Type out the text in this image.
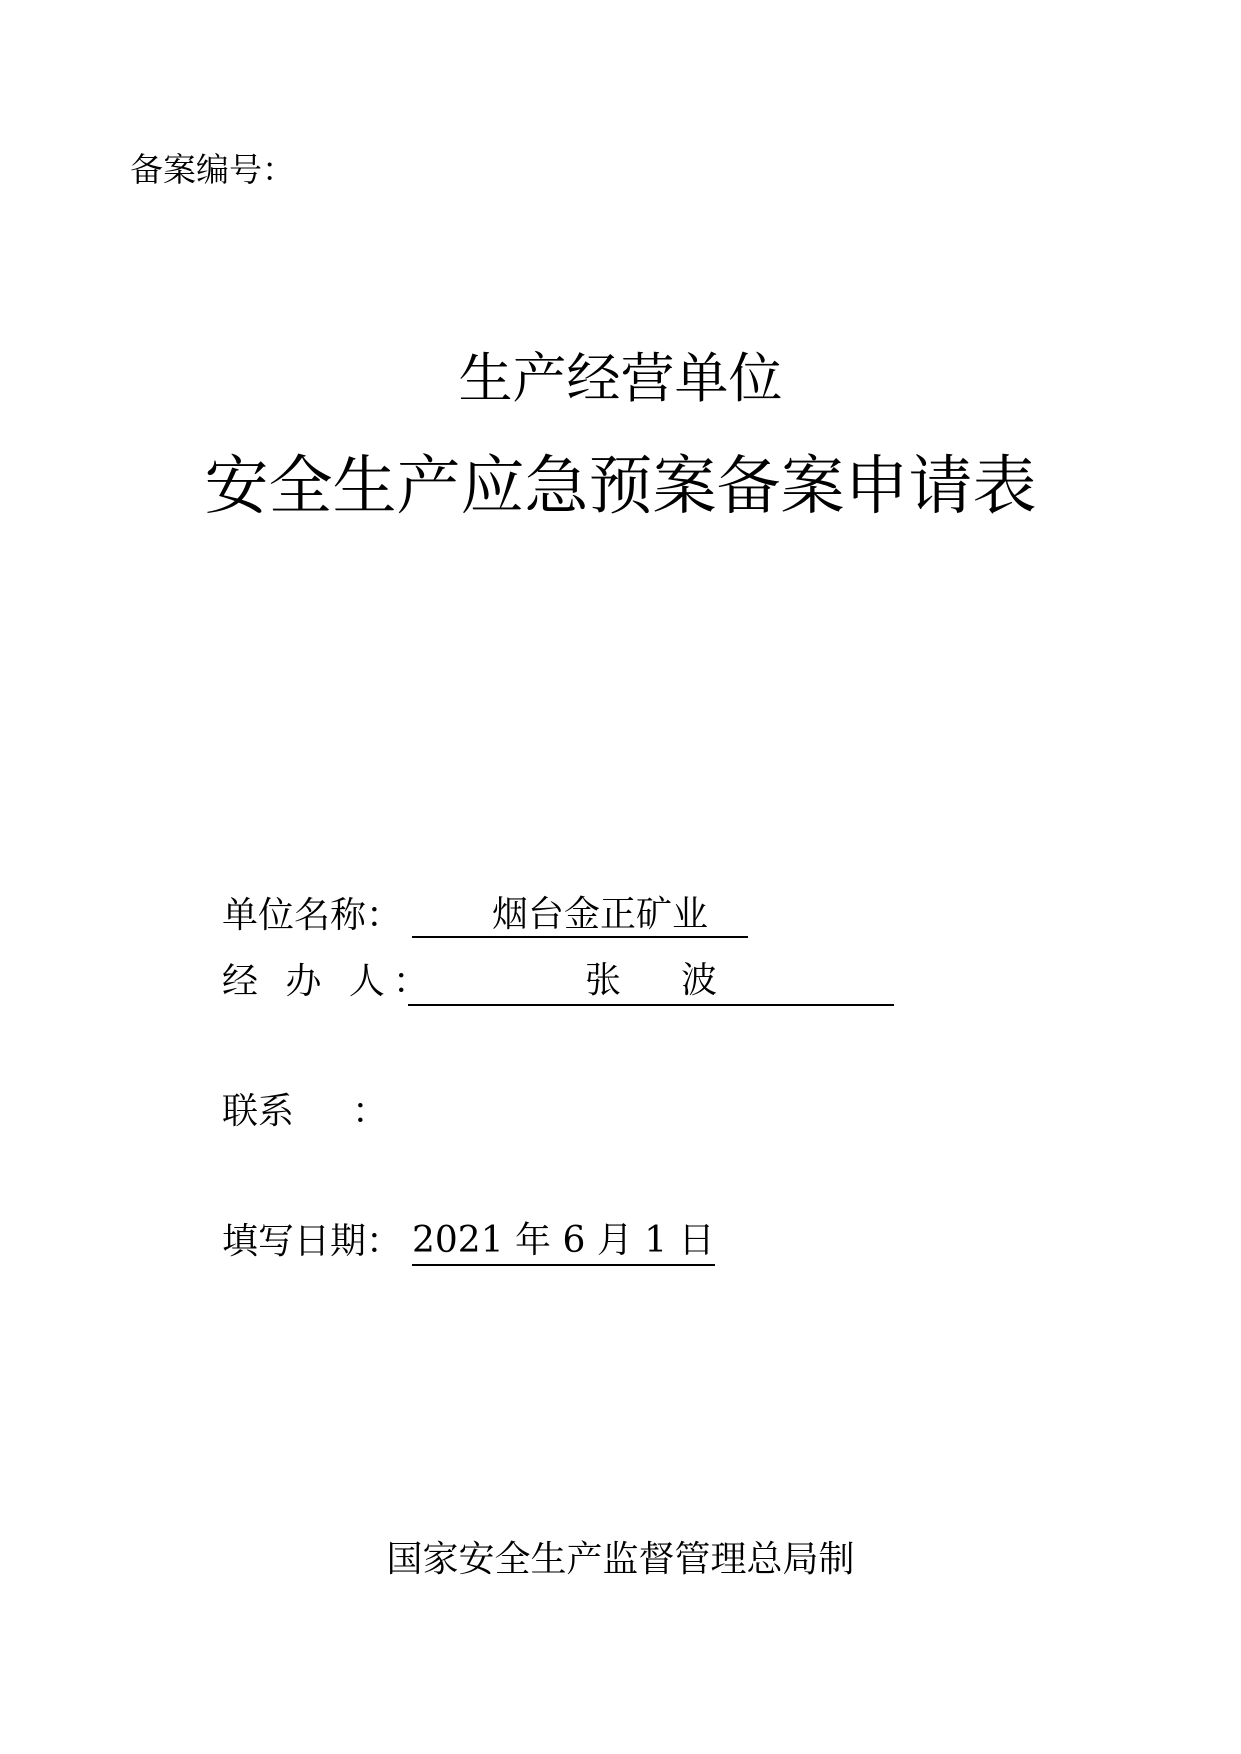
备案编号：
生产经营单位
安全生产应急预案备案申请表
单位名称：	烟台金正矿业
经 办 人：	张 波
联系 ：
填写日期： 2021 年 6 月 1 日
国家安全生产监督管理总局制
